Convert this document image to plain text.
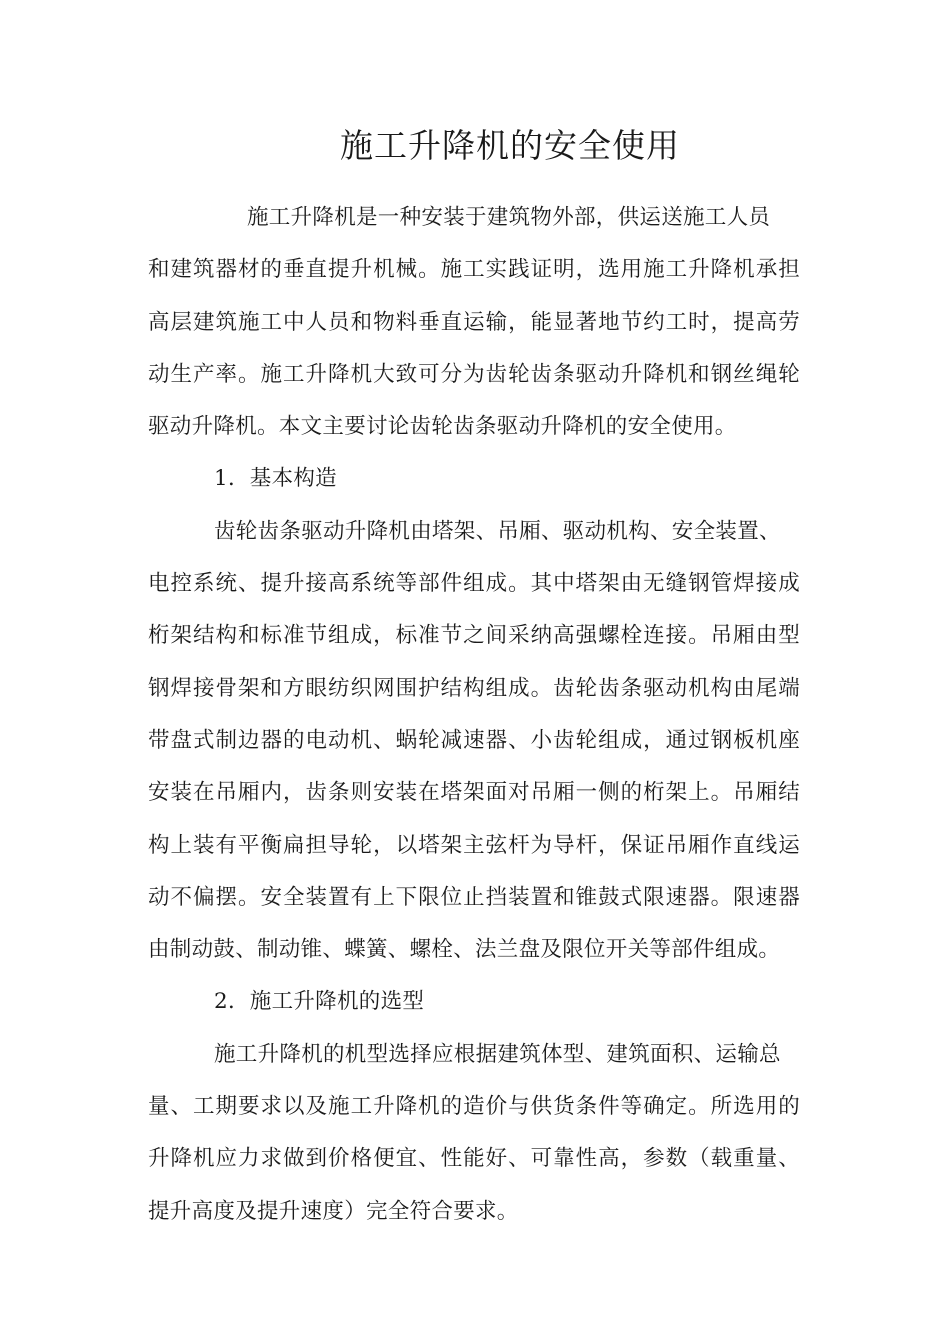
施工升降机的安全使用
施工升降机是一种安装于建筑物外部，供运送施工人员
和建筑器材的垂直提升机械。施工实践证明，选用施工升降机承担
高层建筑施工中人员和物料垂直运输，能显著地节约工时，提高劳
动生产率。施工升降机大致可分为齿轮齿条驱动升降机和钢丝绳轮
驱动升降机。本文主要讨论齿轮齿条驱动升降机的安全使用。
1．基本构造
齿轮齿条驱动升降机由塔架、吊厢、驱动机构、安全装置、
电控系统、提升接高系统等部件组成。其中塔架由无缝钢管焊接成
桁架结构和标准节组成，标准节之间采纳高强螺栓连接。吊厢由型
钢焊接骨架和方眼纺织网围护结构组成。齿轮齿条驱动机构由尾端
带盘式制边器的电动机、蜗轮减速器、小齿轮组成，通过钢板机座
安装在吊厢内，齿条则安装在塔架面对吊厢一侧的桁架上。吊厢结
构上装有平衡扁担导轮，以塔架主弦杆为导杆，保证吊厢作直线运
动不偏摆。安全装置有上下限位止挡装置和锥鼓式限速器。限速器
由制动鼓、制动锥、蝶簧、螺栓、法兰盘及限位开关等部件组成。
2．施工升降机的选型
施工升降机的机型选择应根据建筑体型、建筑面积、运输总
量、工期要求以及施工升降机的造价与供货条件等确定。所选用的
升降机应力求做到价格便宜、性能好、可靠性高，参数（载重量、
提升高度及提升速度）完全符合要求。
